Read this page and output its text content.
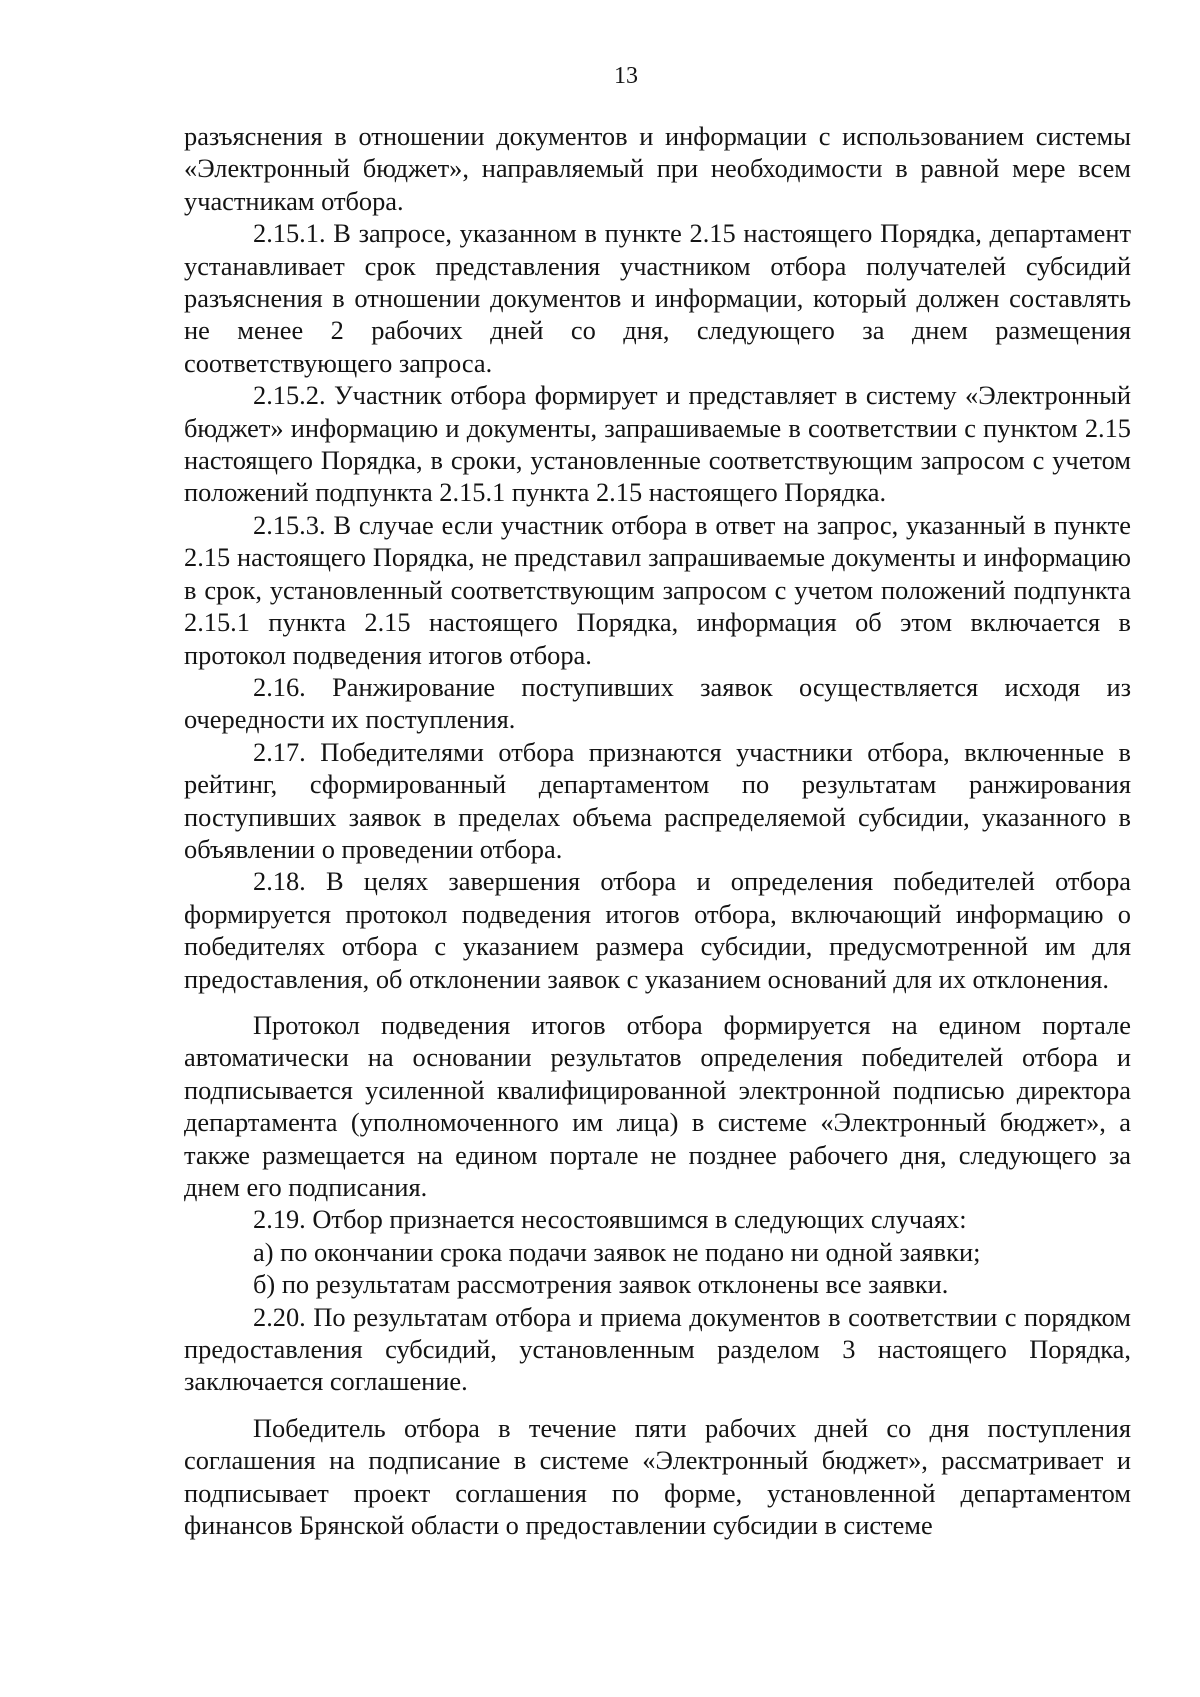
13

разъяснения в отношении документов и информации с использованием системы «Электронный бюджет», направляемый при необходимости в равной мере всем участникам отбора.

2.15.1. В запросе, указанном в пункте 2.15 настоящего Порядка, департамент устанавливает срок представления участником отбора получателей субсидий разъяснения в отношении документов и информации, который должен составлять не менее 2 рабочих дней со дня, следующего за днем размещения соответствующего запроса.

2.15.2. Участник отбора формирует и представляет в систему «Электронный бюджет» информацию и документы, запрашиваемые в соответствии с пунктом 2.15 настоящего Порядка, в сроки, установленные соответствующим запросом с учетом положений подпункта 2.15.1 пункта 2.15 настоящего Порядка.

2.15.3. В случае если участник отбора в ответ на запрос, указанный в пункте 2.15 настоящего Порядка, не представил запрашиваемые документы и информацию в срок, установленный соответствующим запросом с учетом положений подпункта 2.15.1 пункта 2.15 настоящего Порядка, информация об этом включается в протокол подведения итогов отбора.

2.16. Ранжирование поступивших заявок осуществляется исходя из очередности их поступления.

2.17. Победителями отбора признаются участники отбора, включенные в рейтинг, сформированный департаментом по результатам ранжирования поступивших заявок в пределах объема распределяемой субсидии, указанного в объявлении о проведении отбора.

2.18. В целях завершения отбора и определения победителей отбора формируется протокол подведения итогов отбора, включающий информацию о победителях отбора с указанием размера субсидии, предусмотренной им для предоставления, об отклонении заявок с указанием оснований для их отклонения.

Протокол подведения итогов отбора формируется на едином портале автоматически на основании результатов определения победителей отбора и подписывается усиленной квалифицированной электронной подписью директора департамента (уполномоченного им лица) в системе «Электронный бюджет», а также размещается на едином портале не позднее рабочего дня, следующего за днем его подписания.

2.19. Отбор признается несостоявшимся в следующих случаях:

а) по окончании срока подачи заявок не подано ни одной заявки;

б) по результатам рассмотрения заявок отклонены все заявки.

2.20. По результатам отбора и приема документов в соответствии с порядком предоставления субсидий, установленным разделом 3 настоящего Порядка, заключается соглашение.

Победитель отбора в течение пяти рабочих дней со дня поступления соглашения на подписание в системе «Электронный бюджет», рассматривает и подписывает проект соглашения по форме, установленной департаментом финансов Брянской области о предоставлении субсидии в системе
